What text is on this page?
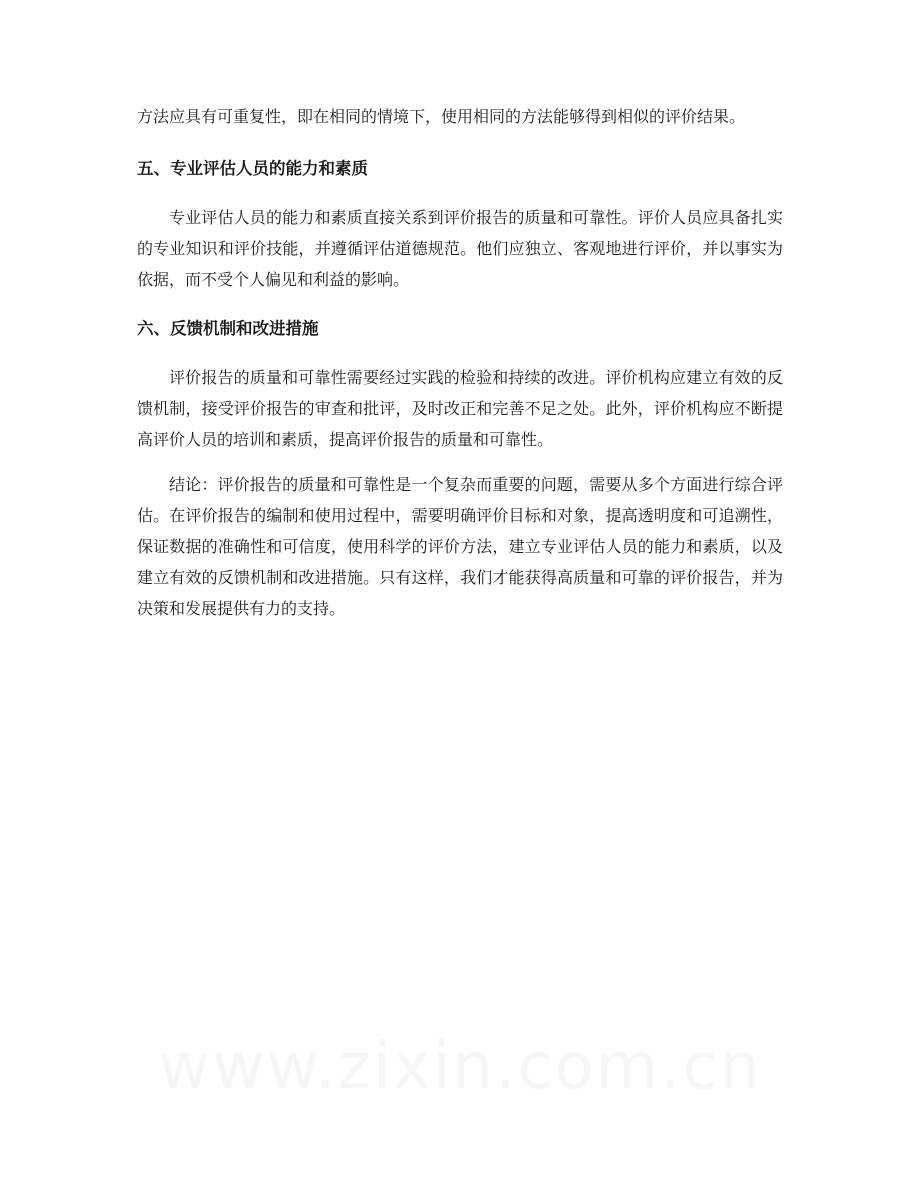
方法应具有可重复性，即在相同的情境下，使用相同的方法能够得到相似的评价结果。

五、专业评估人员的能力和素质

专业评估人员的能力和素质直接关系到评价报告的质量和可靠性。评价人员应具备扎实的专业知识和评价技能，并遵循评估道德规范。他们应独立、客观地进行评价，并以事实为依据，而不受个人偏见和利益的影响。

六、反馈机制和改进措施

评价报告的质量和可靠性需要经过实践的检验和持续的改进。评价机构应建立有效的反馈机制，接受评价报告的审查和批评，及时改正和完善不足之处。此外，评价机构应不断提高评价人员的培训和素质，提高评价报告的质量和可靠性。

结论：评价报告的质量和可靠性是一个复杂而重要的问题，需要从多个方面进行综合评估。在评价报告的编制和使用过程中，需要明确评价目标和对象，提高透明度和可追溯性，保证数据的准确性和可信度，使用科学的评价方法，建立专业评估人员的能力和素质，以及建立有效的反馈机制和改进措施。只有这样，我们才能获得高质量和可靠的评价报告，并为决策和发展提供有力的支持。
